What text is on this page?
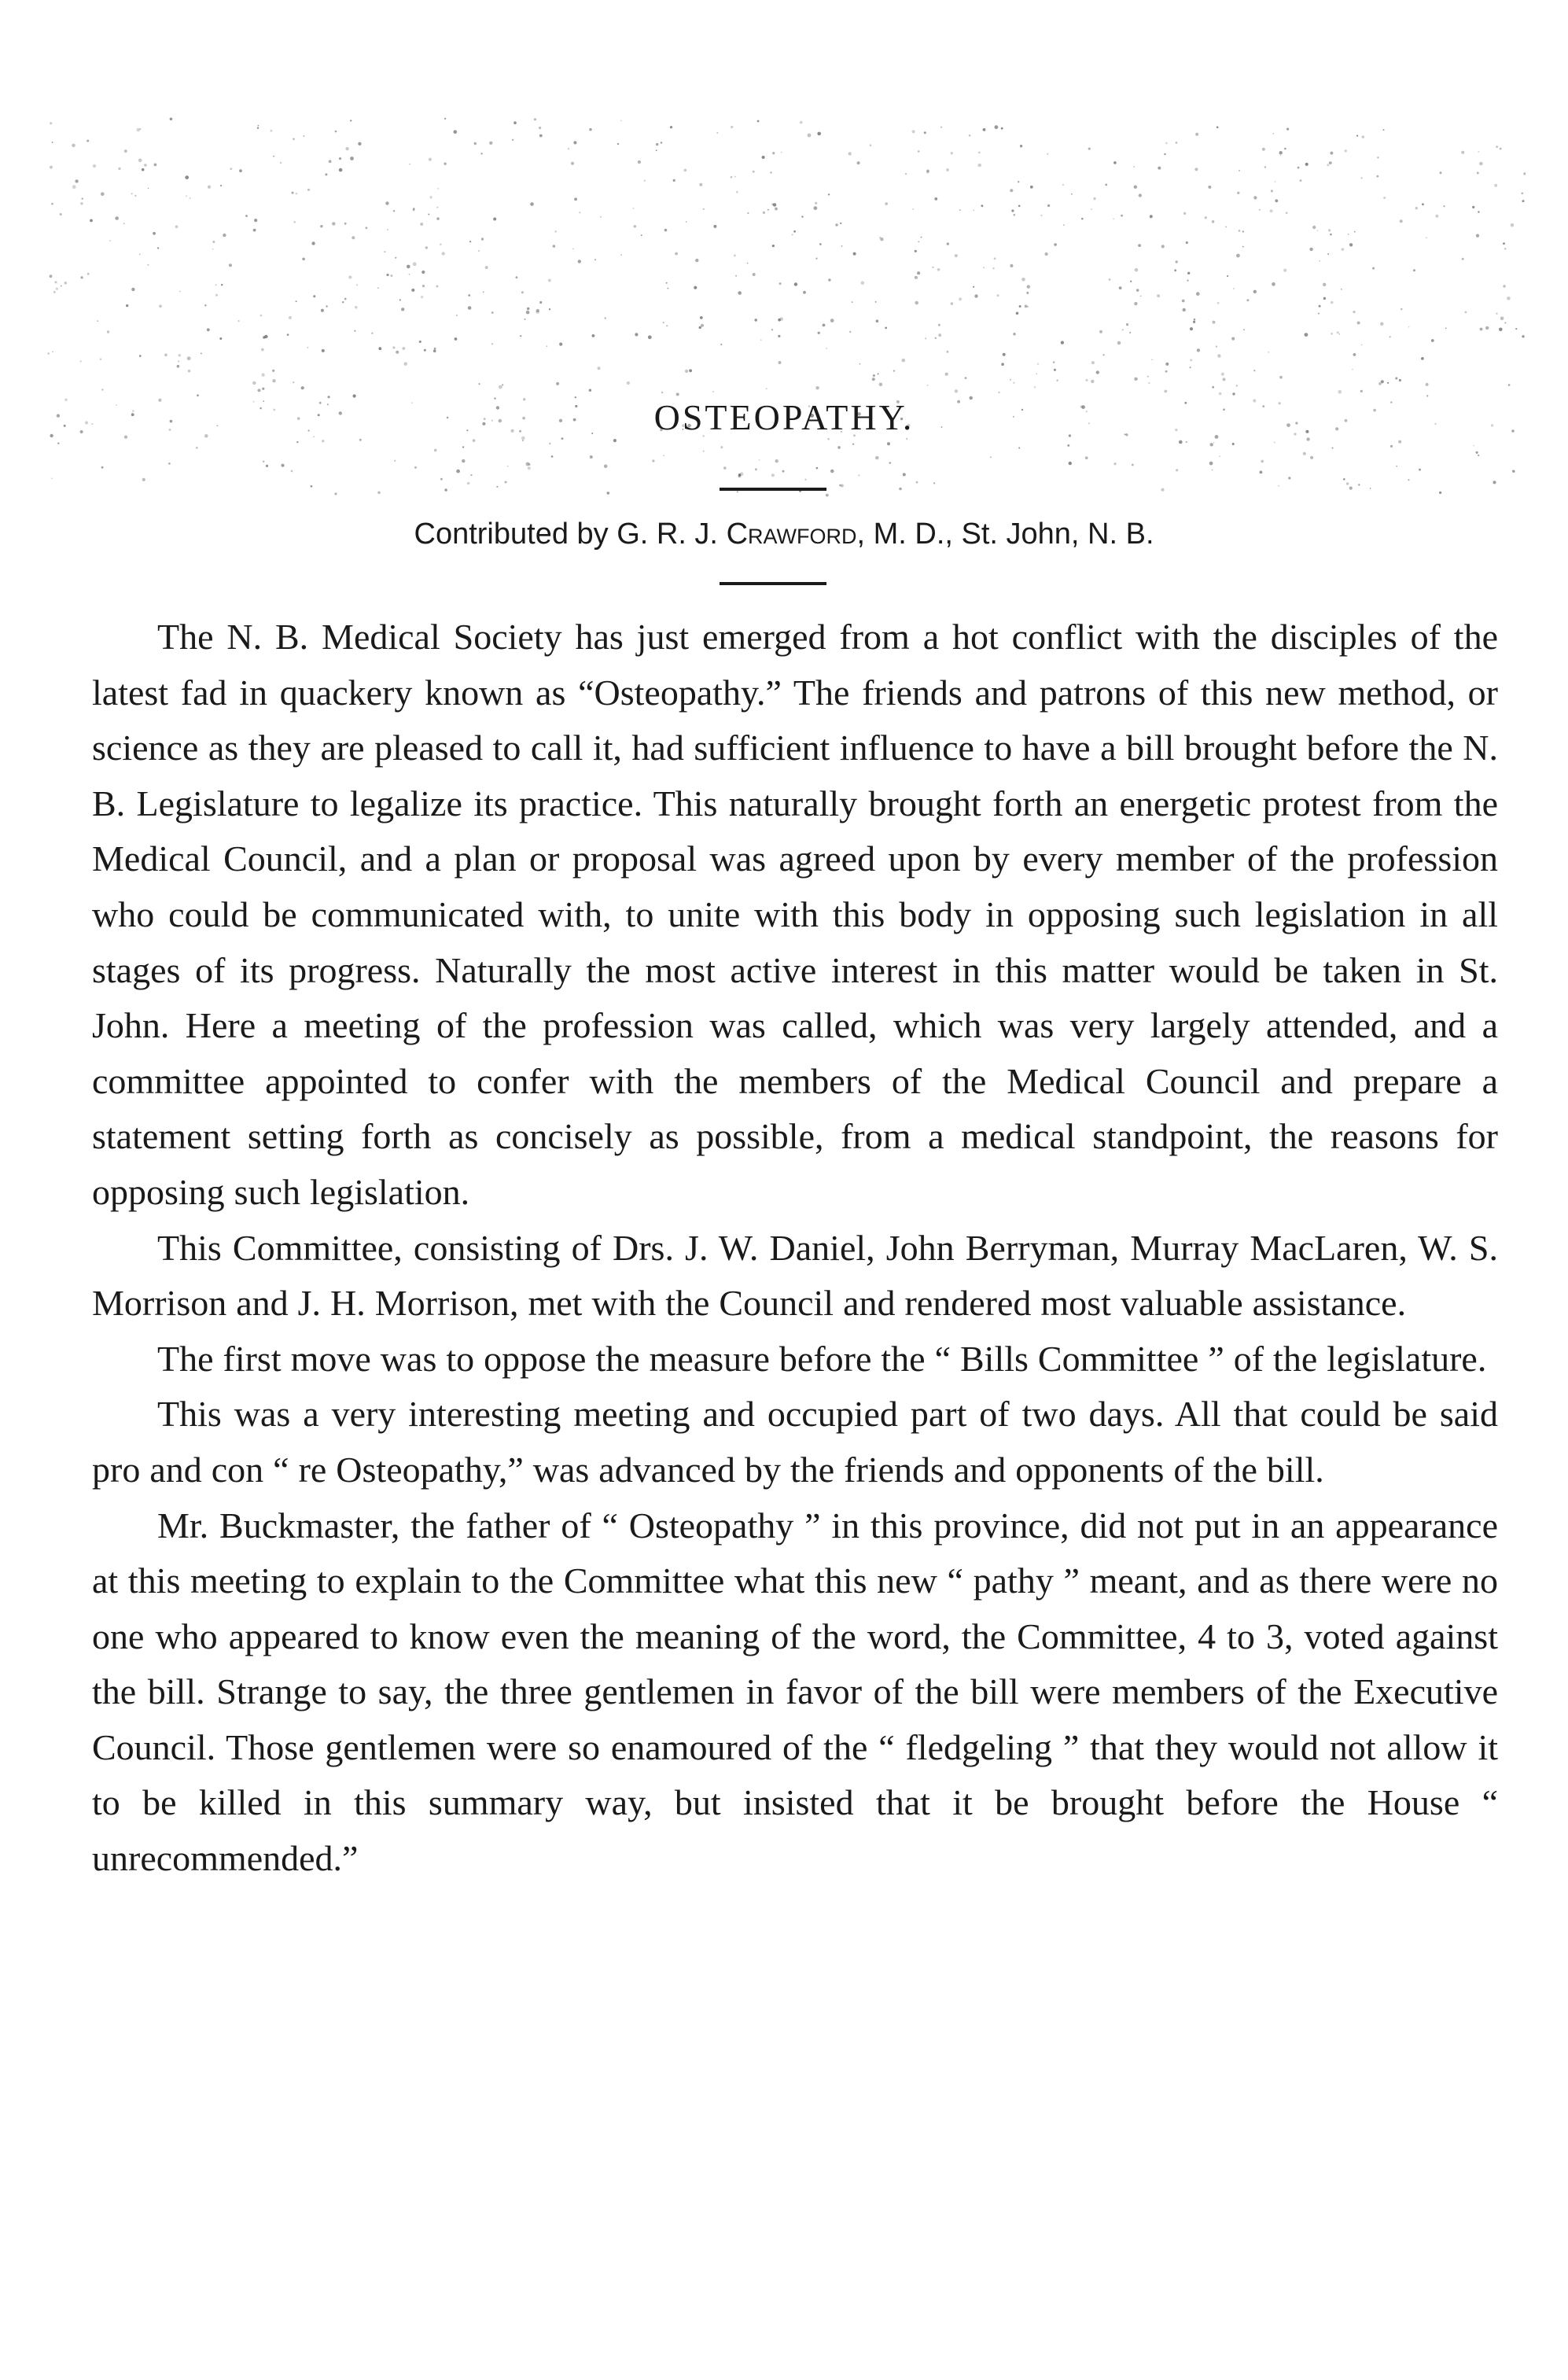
OSTEOPATHY.
Contributed by G. R. J. Crawford, M. D., St. John, N. B.

The N. B. Medical Society has just emerged from a hot conflict with the disciples of the latest fad in quackery known as “Osteopathy.” The friends and patrons of this new method, or science as they are pleased to call it, had sufficient influence to have a bill brought before the N. B. Legislature to legalize its practice. This naturally brought forth an energetic protest from the Medical Council, and a plan or proposal was agreed upon by every member of the profession who could be communicated with, to unite with this body in opposing such legislation in all stages of its progress. Naturally the most active interest in this matter would be taken in St. John. Here a meeting of the profession was called, which was very largely attended, and a committee appointed to confer with the members of the Medical Council and prepare a statement setting forth as concisely as possible, from a medical standpoint, the reasons for opposing such legislation.

This Committee, consisting of Drs. J. W. Daniel, John Berryman, Murray MacLaren, W. S. Morrison and J. H. Morrison, met with the Council and rendered most valuable assistance.

The first move was to oppose the measure before the “ Bills Committee ” of the legislature.

This was a very interesting meeting and occupied part of two days. All that could be said pro and con “ re Osteopathy,” was advanced by the friends and opponents of the bill.

Mr. Buckmaster, the father of “ Osteopathy ” in this province, did not put in an appearance at this meeting to explain to the Committee what this new “ pathy ” meant, and as there were no one who appeared to know even the meaning of the word, the Committee, 4 to 3, voted against the bill. Strange to say, the three gentlemen in favor of the bill were members of the Executive Council. Those gentlemen were so enamoured of the “ fledgeling ” that they would not allow it to be killed in this summary way, but insisted that it be brought before the House “ unrecommended.”
